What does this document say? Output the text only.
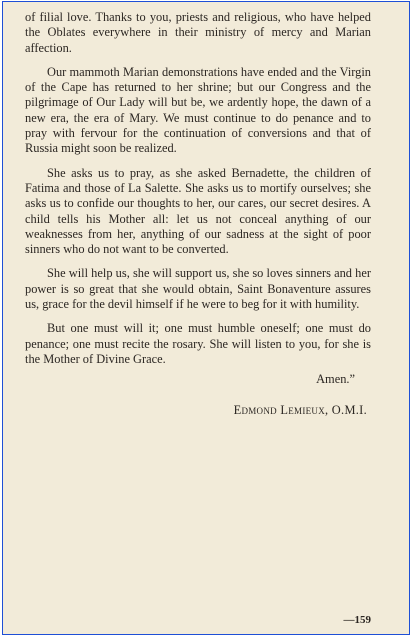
of filial love. Thanks to you, priests and religious, who have helped the Oblates everywhere in their ministry of mercy and Marian affection.

Our mammoth Marian demonstrations have ended and the Virgin of the Cape has returned to her shrine; but our Congress and the pilgrimage of Our Lady will but be, we ardently hope, the dawn of a new era, the era of Mary. We must continue to do penance and to pray with fervour for the continuation of conversions and that of Russia might soon be realized.

She asks us to pray, as she asked Bernadette, the children of Fatima and those of La Salette. She asks us to mortify ourselves; she asks us to confide our thoughts to her, our cares, our secret desires. A child tells his Mother all: let us not conceal anything of our weaknesses from her, anything of our sadness at the sight of poor sinners who do not want to be converted.

She will help us, she will support us, she so loves sinners and her power is so great that she would obtain, Saint Bonaventure assures us, grace for the devil himself if he were to beg for it with humility.

But one must will it; one must humble oneself; one must do penance; one must recite the rosary. She will listen to you, for she is the Mother of Divine Grace.

Amen.”
Edmond Lemieux, O.M.I.
—159
